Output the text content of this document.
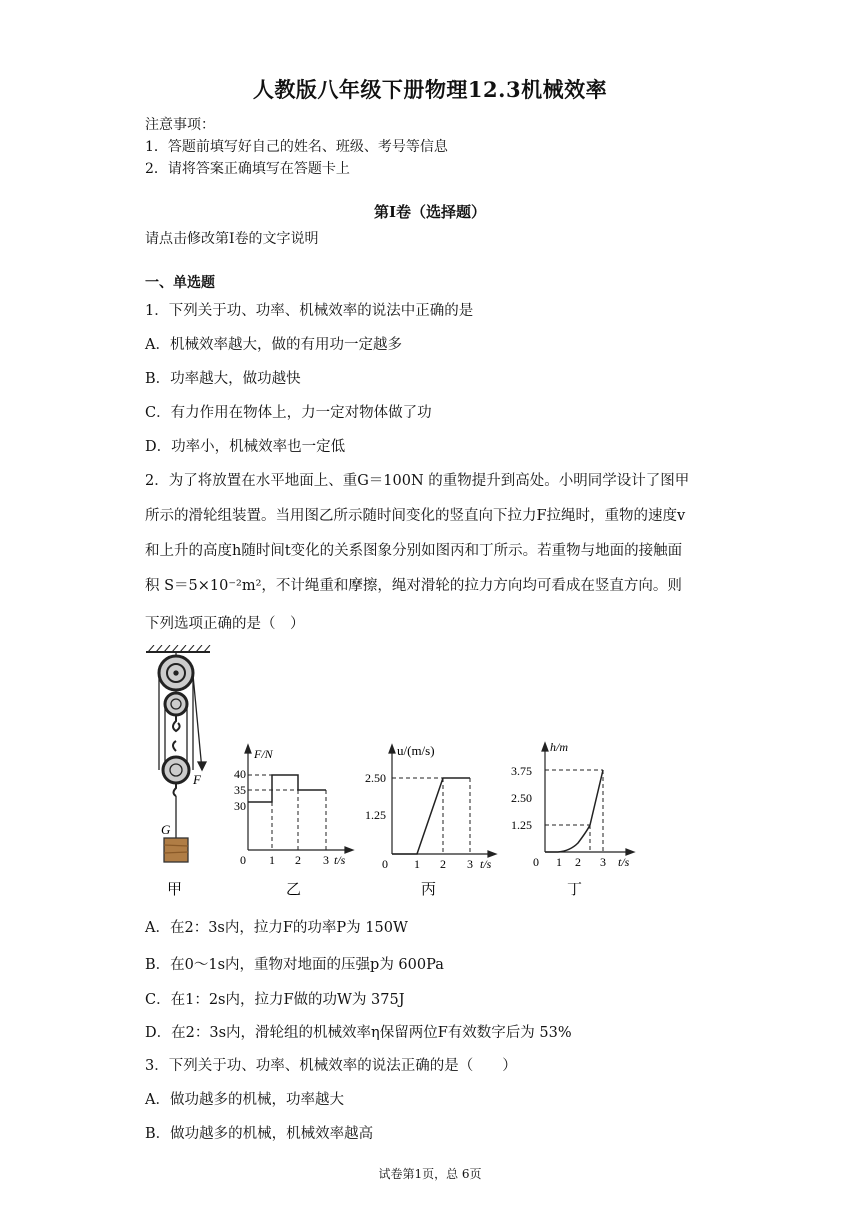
人教版八年级下册物理12.3机械效率
注意事项：
1．答题前填写好自己的姓名、班级、考号等信息
2．请将答案正确填写在答题卡上
第Ⅰ卷（选择题）
请点击修改第I卷的文字说明
一、单选题
1．下列关于功、功率、机械效率的说法中正确的是
A．机械效率越大，做的有用功一定越多
B．功率越大，做功越快
C．有力作用在物体上，力一定对物体做了功
D．功率小，机械效率也一定低
2．为了将放置在水平地面上、重G＝100N 的重物提升到高处。小明同学设计了图甲
所示的滑轮组装置。当用图乙所示随时间变化的竖直向下拉力F拉绳时，重物的速度v
和上升的高度h随时间t变化的关系图象分别如图丙和丁所示。若重物与地面的接触面
积 S＝5×10⁻²m²，不计绳重和摩擦，绳对滑轮的拉力方向均可看成在竖直方向。则
下列选项正确的是（　）
F
G
F/N
40
35
30
0 1 2 3 t/s
u/(m/s)
2.50
1.25
0 1 2 3 t/s
h/m
3.75
2.50
1.25
0 1 2 3 t/s
甲	乙	丙	丁
A．在2：3s内，拉力F的功率P为 150W
B．在0～1s内，重物对地面的压强p为 600Pa
C．在1：2s内，拉力F做的功W为 375J
D．在2：3s内，滑轮组的机械效率η保留两位F有效数字后为 53%
3．下列关于功、功率、机械效率的说法正确的是（　　）
A．做功越多的机械，功率越大
B．做功越多的机械，机械效率越高
试卷第1页，总 6页
